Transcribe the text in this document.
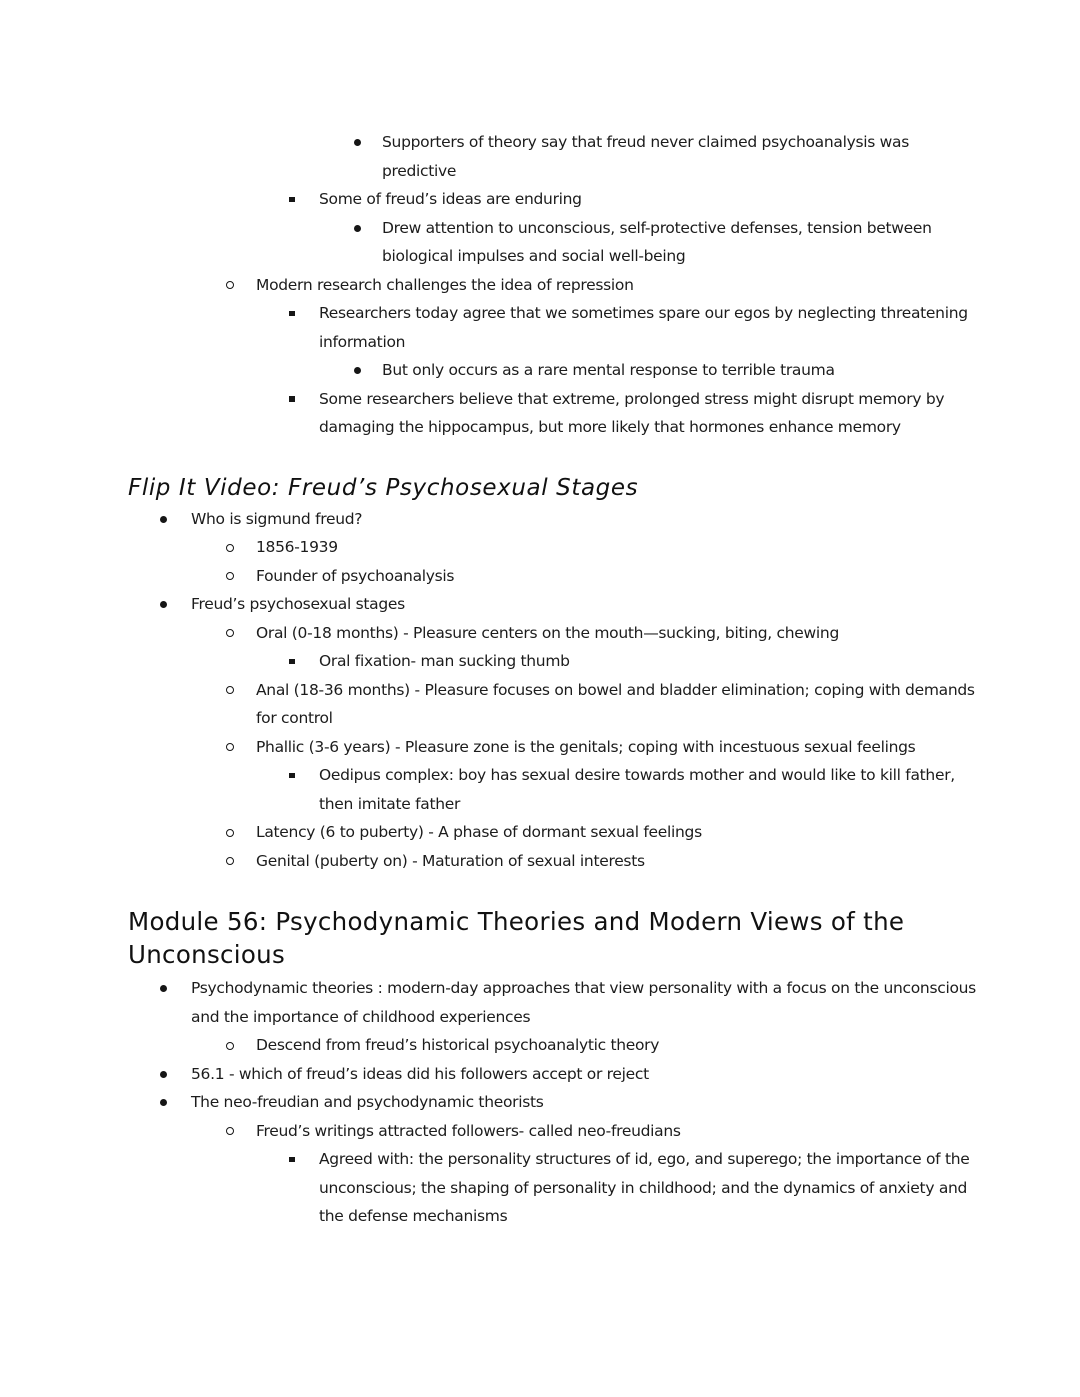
Supporters of theory say that freud never claimed psychoanalysis was predictive
Some of freud’s ideas are enduring
Drew attention to unconscious, self-protective defenses, tension between biological impulses and social well-being
Modern research challenges the idea of repression
Researchers today agree that we sometimes spare our egos by neglecting threatening information
But only occurs as a rare mental response to terrible trauma
Some researchers believe that extreme, prolonged stress might disrupt memory by damaging the hippocampus, but more likely that hormones enhance memory
Flip It Video: Freud’s Psychosexual Stages
Who is sigmund freud?
1856-1939
Founder of psychoanalysis
Freud’s psychosexual stages
Oral (0-18 months) - Pleasure centers on the mouth—sucking, biting, chewing
Oral fixation- man sucking thumb
Anal (18-36 months) - Pleasure focuses on bowel and bladder elimination; coping with demands for control
Phallic (3-6 years) - Pleasure zone is the genitals; coping with incestuous sexual feelings
Oedipus complex: boy has sexual desire towards mother and would like to kill father, then imitate father
Latency (6 to puberty) - A phase of dormant sexual feelings
Genital (puberty on) - Maturation of sexual interests
Module 56: Psychodynamic Theories and Modern Views of the Unconscious
Psychodynamic theories : modern-day approaches that view personality with a focus on the unconscious and the importance of childhood experiences
Descend from freud’s historical psychoanalytic theory
56.1 - which of freud’s ideas did his followers accept or reject
The neo-freudian and psychodynamic theorists
Freud’s writings attracted followers- called neo-freudians
Agreed with: the personality structures of id, ego, and superego; the importance of the unconscious; the shaping of personality in childhood; and the dynamics of anxiety and the defense mechanisms
